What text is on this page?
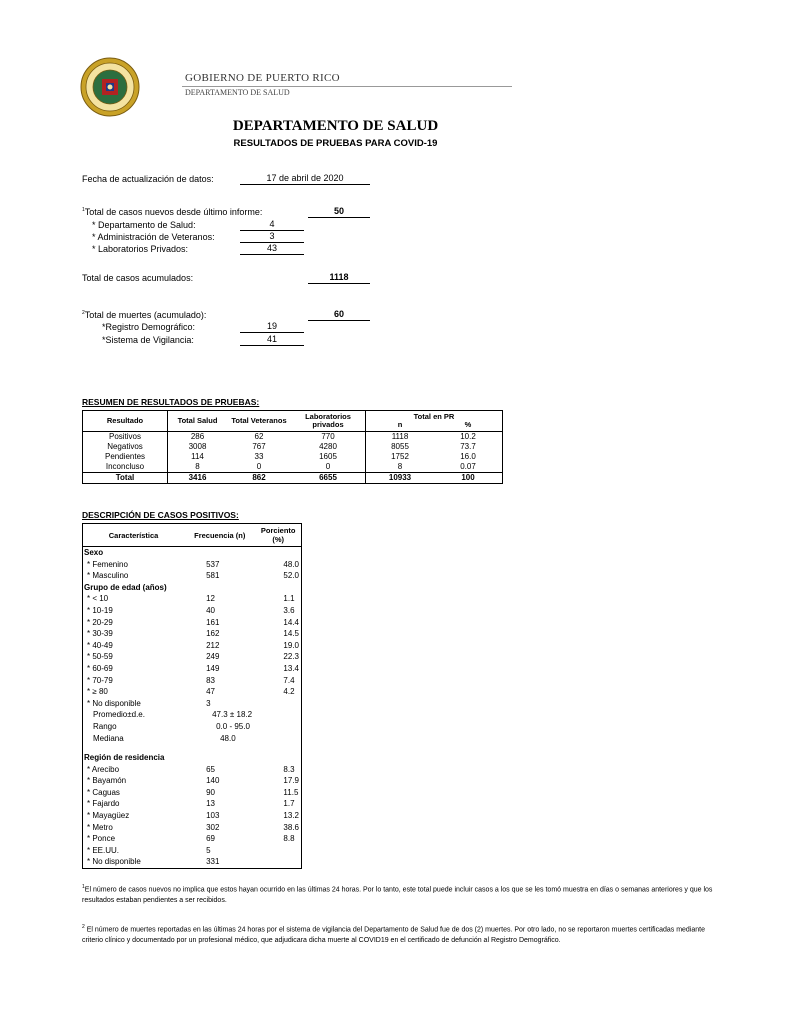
GOBIERNO DE PUERTO RICO
DEPARTAMENTO DE SALUD
DEPARTAMENTO DE SALUD
RESULTADOS DE PRUEBAS PARA COVID-19
Fecha de actualización de datos:	17 de abril de 2020
$^1$Total de casos nuevos desde último informe:	50
* Departamento de Salud:	4
* Administración de Veteranos:	3
* Laboratorios Privados:	43
Total de casos acumulados:	1118
$^2$Total de muertes (acumulado):	60
*Registro Demográfico:	19
*Sistema de Vigilancia:	41
RESUMEN DE RESULTADOS DE PRUEBAS:
Resultado	Total Salud	Total Veteranos	Laboratorios privados	Total en PR
n %

Positivos	286	62	770	1118 10.2

Negativos	3008	767	4280	8055 73.7

Pendientes	114	33	1605	1752 16.0

Inconcluso	8	0	0	8 0.07

Total	3416	862	6655	10933 100
DESCRIPCIÓN DE CASOS POSITIVOS:
Característica	Frecuencia (n)	Porciento (%)
Sexo		
* Femenino	537	48.0
* Masculino	581	52.0
Grupo de edad (años)		
* < 10	12	1.1
* 10-19	40	3.6
* 20-29	161	14.4
* 30-39	162	14.5
* 40-49	212	19.0
* 50-59	249	22.3
* 60-69	149	13.4
* 70-79	83	7.4
* ≥ 80	47	4.2
* No disponible	3	
Promedio±d.e.	47.3 ± 18.2	
Rango	0.0 - 95.0	
Mediana	48.0	

Región de residencia		
* Arecibo	65	8.3
* Bayamón	140	17.9
* Caguas	90	11.5
* Fajardo	13	1.7
* Mayagüez	103	13.2
* Metro	302	38.6
* Ponce	69	8.8
* EE.UU.	5	
* No disponible	331	
$^1$El número de casos nuevos no implica que estos hayan ocurrido en las últimas 24 horas. Por lo tanto, este total puede incluir casos a los que se les tomó muestra en días o semanas anteriores y que los resultados estaban pendientes a ser recibidos.
$^2$ El número de muertes reportadas en las últimas 24 horas por el sistema de vigilancia del Departamento de Salud fue de dos (2) muertes. Por otro lado, no se reportaron muertes certificadas mediante criterio clínico y documentado por un profesional médico, que adjudicara dicha muerte al COVID19 en el certificado de defunción al Registro Demográfico.
